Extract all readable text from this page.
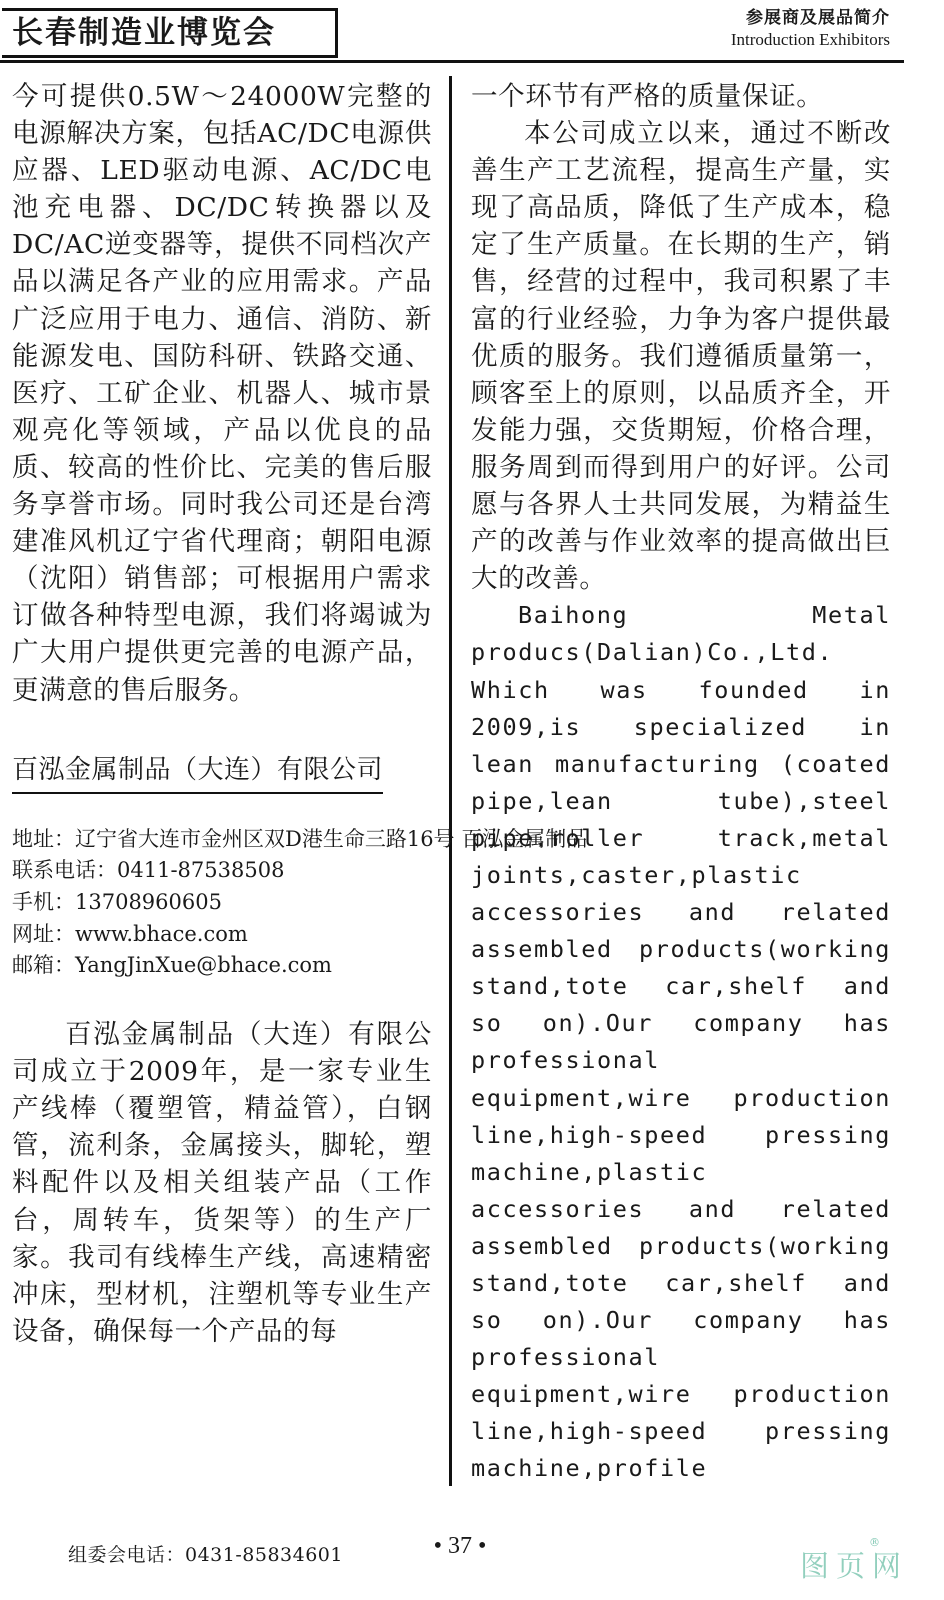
长春制造业博览会	参展商及展品简介
Introduction Exhibitors

今可提供0.5W～24000W完整的电源解决方案，包括AC/DC电源供应器、LED驱动电源、AC/DC电池充电器、DC/DC转换器以及DC/AC逆变器等，提供不同档次产品以满足各产业的应用需求。产品广泛应用于电力、通信、消防、新能源发电、国防科研、铁路交通、医疗、工矿企业、机器人、城市景观亮化等领域，产品以优良的品质、较高的性价比、完美的售后服务享誉市场。同时我公司还是台湾建准风机辽宁省代理商；朝阳电源（沈阳）销售部；可根据用户需求订做各种特型电源，我们将竭诚为广大用户提供更完善的电源产品，更满意的售后服务。

百泓金属制品（大连）有限公司
地址：辽宁省大连市金州区双D港生命三路16号 百泓金属制品
联系电话：0411-87538508
手机：13708960605
网址：www.bhace.com
邮箱：YangJinXue@bhace.com

百泓金属制品（大连）有限公司成立于2009年，是一家专业生产线棒（覆塑管，精益管），白钢管，流利条，金属接头，脚轮，塑料配件以及相关组装产品（工作台，周转车，货架等）的生产厂家。我司有线棒生产线，高速精密冲床，型材机，注塑机等专业生产设备，确保每一个产品的每

一个环节有严格的质量保证。

本公司成立以来，通过不断改善生产工艺流程，提高生产量，实现了高品质，降低了生产成本，稳定了生产质量。在长期的生产，销售，经营的过程中，我司积累了丰富的行业经验，力争为客户提供最优质的服务。我们遵循质量第一，顾客至上的原则，以品质齐全，开发能力强，交货期短，价格合理，服务周到而得到用户的好评。公司愿与各界人士共同发展，为精益生产的改善与作业效率的提高做出巨大的改善。

Baihong Metal producs(Dalian)Co.,Ltd. Which was founded in 2009,is specialized in lean manufacturing (coated pipe,lean tube),steel pipe.roller track,metal joints,caster,plastic accessories and related assembled products(working stand,tote car,shelf and so on).Our company has professional equipment,wire production line,high-speed pressing machine,plastic accessories and related assembled products(working stand,tote car,shelf and so on).Our company has professional equipment,wire production line,high-speed pressing machine,profile

组委会电话：0431-85834601	• 37 •	®
图页网
